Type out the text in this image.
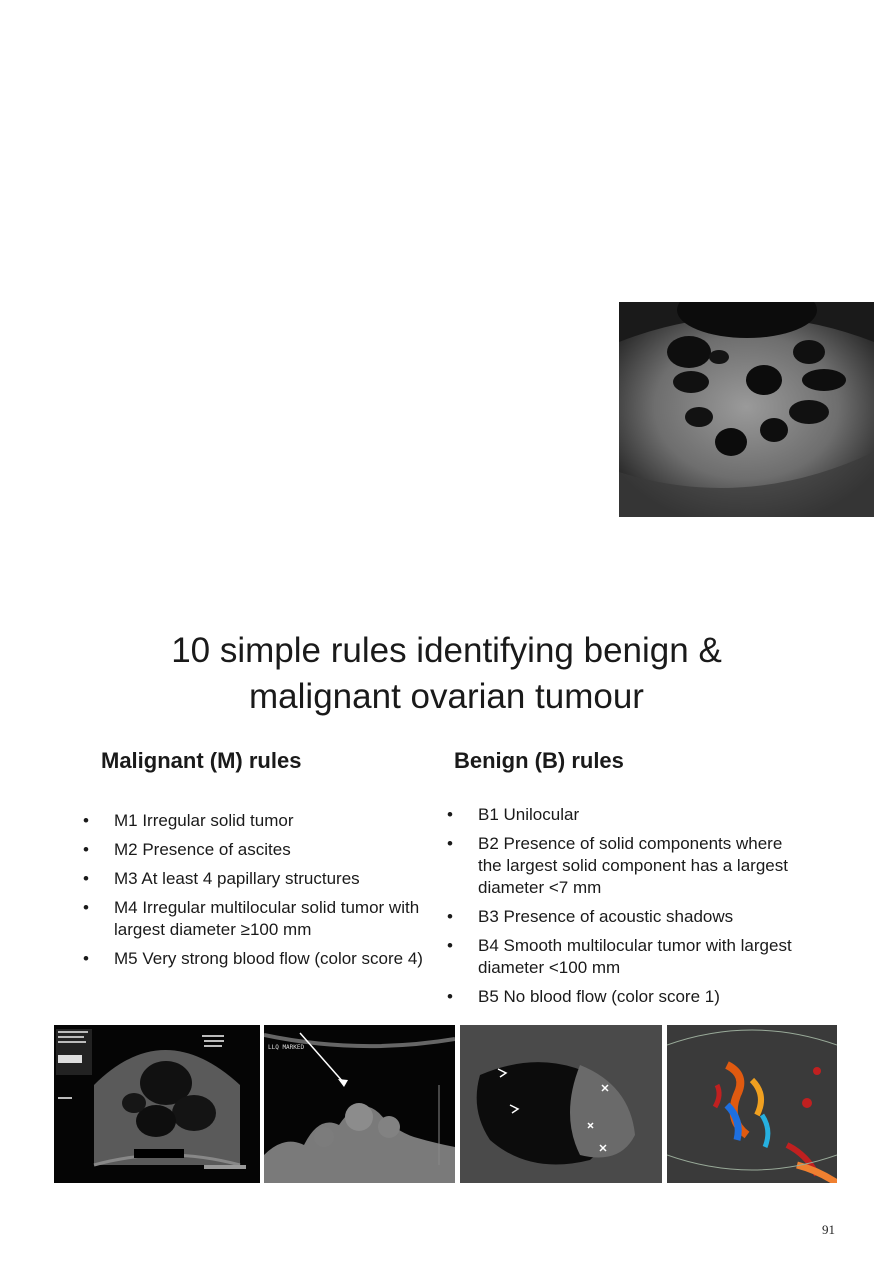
10 simple rules identifying benign &
malignant ovarian tumour
Malignant (M) rules	Benign (B) rules
• M1 Irregular solid tumor
• M2 Presence of ascites
• M3 At least 4 papillary structures
• M4 Irregular multilocular solid tumor with largest diameter ≥100 mm
• M5 Very strong blood flow (color score 4)
• B1 Unilocular
• B2 Presence of solid components where the largest solid component has a largest diameter <7 mm
• B3 Presence of acoustic shadows
• B4 Smooth multilocular tumor with largest diameter <100 mm
• B5 No blood flow (color score 1)
LLQ MARKED
91
